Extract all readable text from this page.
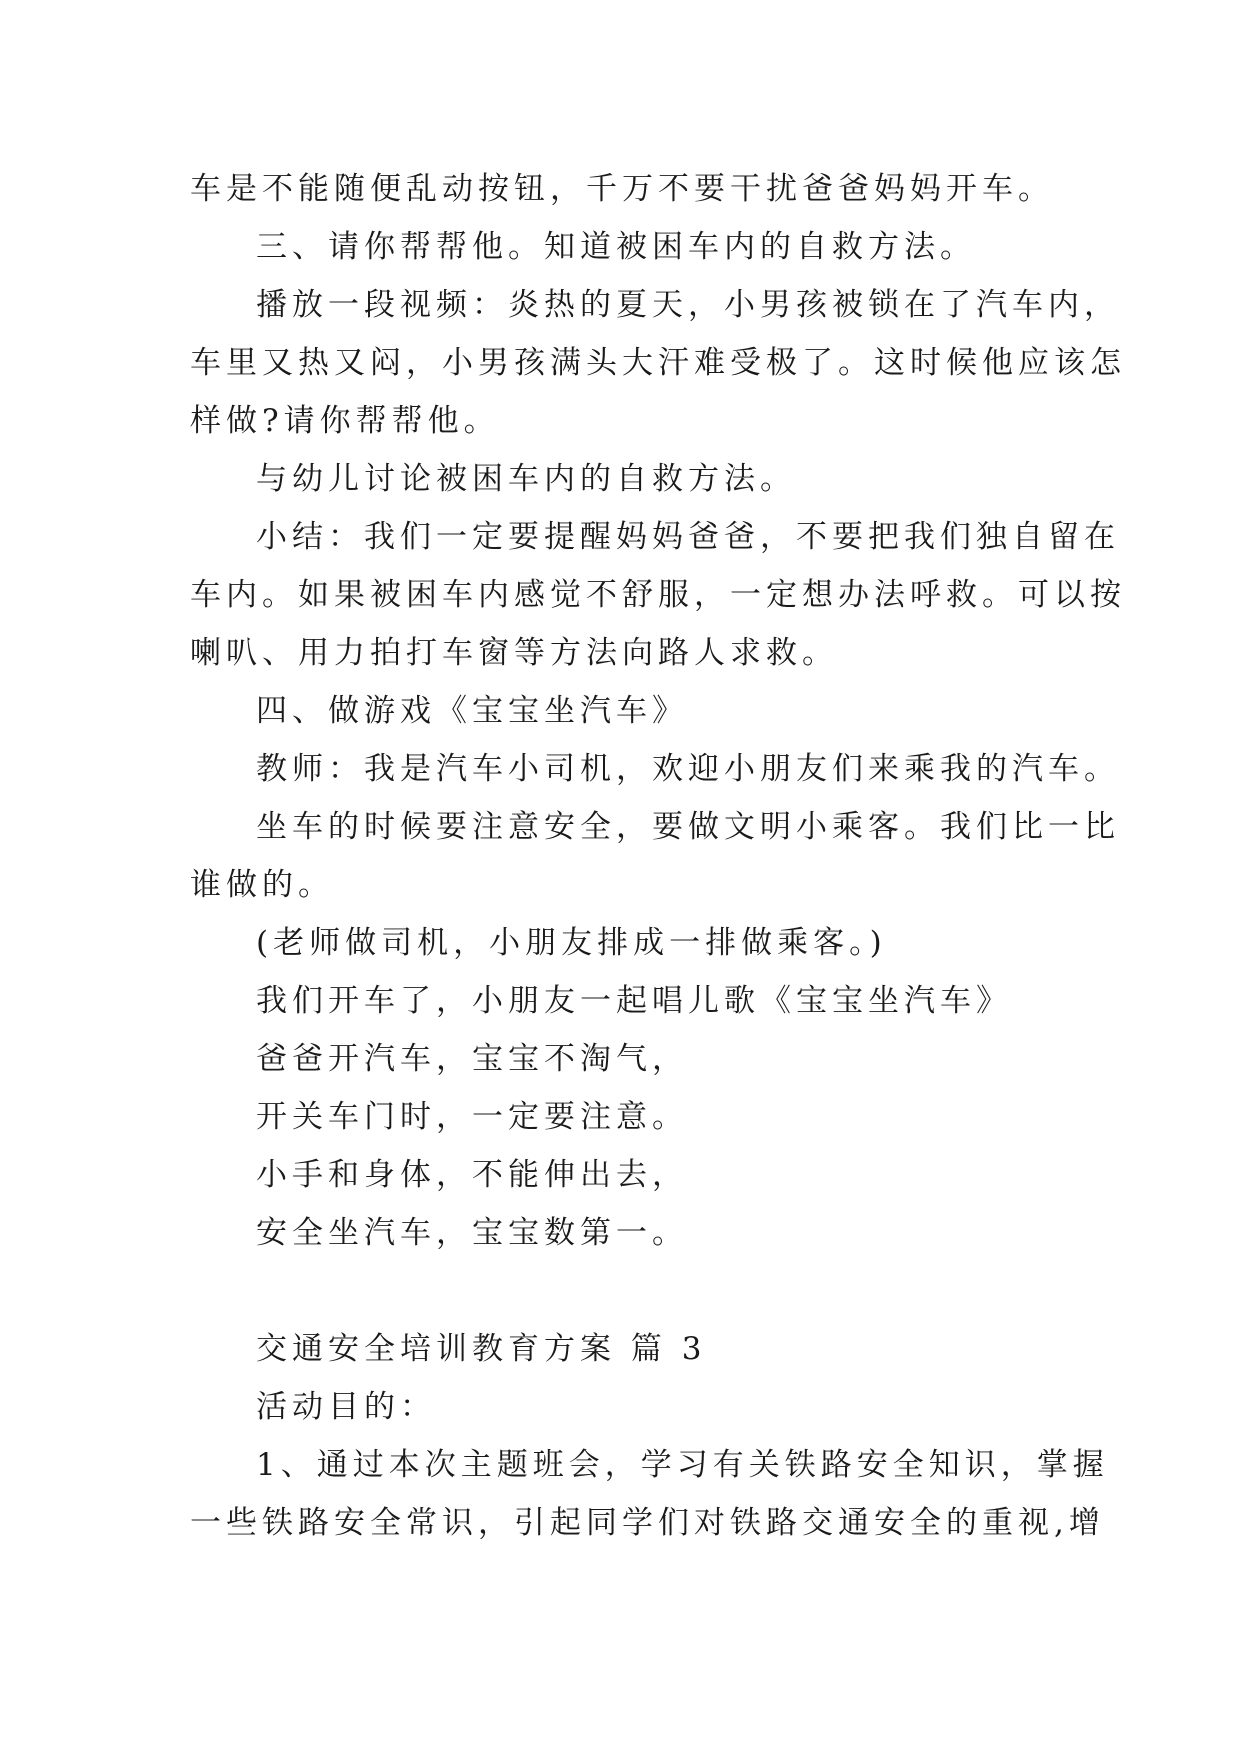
车是不能随便乱动按钮，千万不要干扰爸爸妈妈开车。
三、请你帮帮他。知道被困车内的自救方法。
播放一段视频：炎热的夏天，小男孩被锁在了汽车内，
车里又热又闷，小男孩满头大汗难受极了。这时候他应该怎
样做?请你帮帮他。
与幼儿讨论被困车内的自救方法。
小结：我们一定要提醒妈妈爸爸，不要把我们独自留在
车内。如果被困车内感觉不舒服，一定想办法呼救。可以按
喇叭、用力拍打车窗等方法向路人求救。
四、做游戏《宝宝坐汽车》
教师：我是汽车小司机，欢迎小朋友们来乘我的汽车。
坐车的时候要注意安全，要做文明小乘客。我们比一比
谁做的。
(老师做司机，小朋友排成一排做乘客。)
我们开车了，小朋友一起唱儿歌《宝宝坐汽车》
爸爸开汽车，宝宝不淘气，
开关车门时，一定要注意。
小手和身体，不能伸出去，
安全坐汽车，宝宝数第一。
交通安全培训教育方案 篇 3
活动目的：
1、通过本次主题班会，学习有关铁路安全知识，掌握
一些铁路安全常识，引起同学们对铁路交通安全的重视,增
